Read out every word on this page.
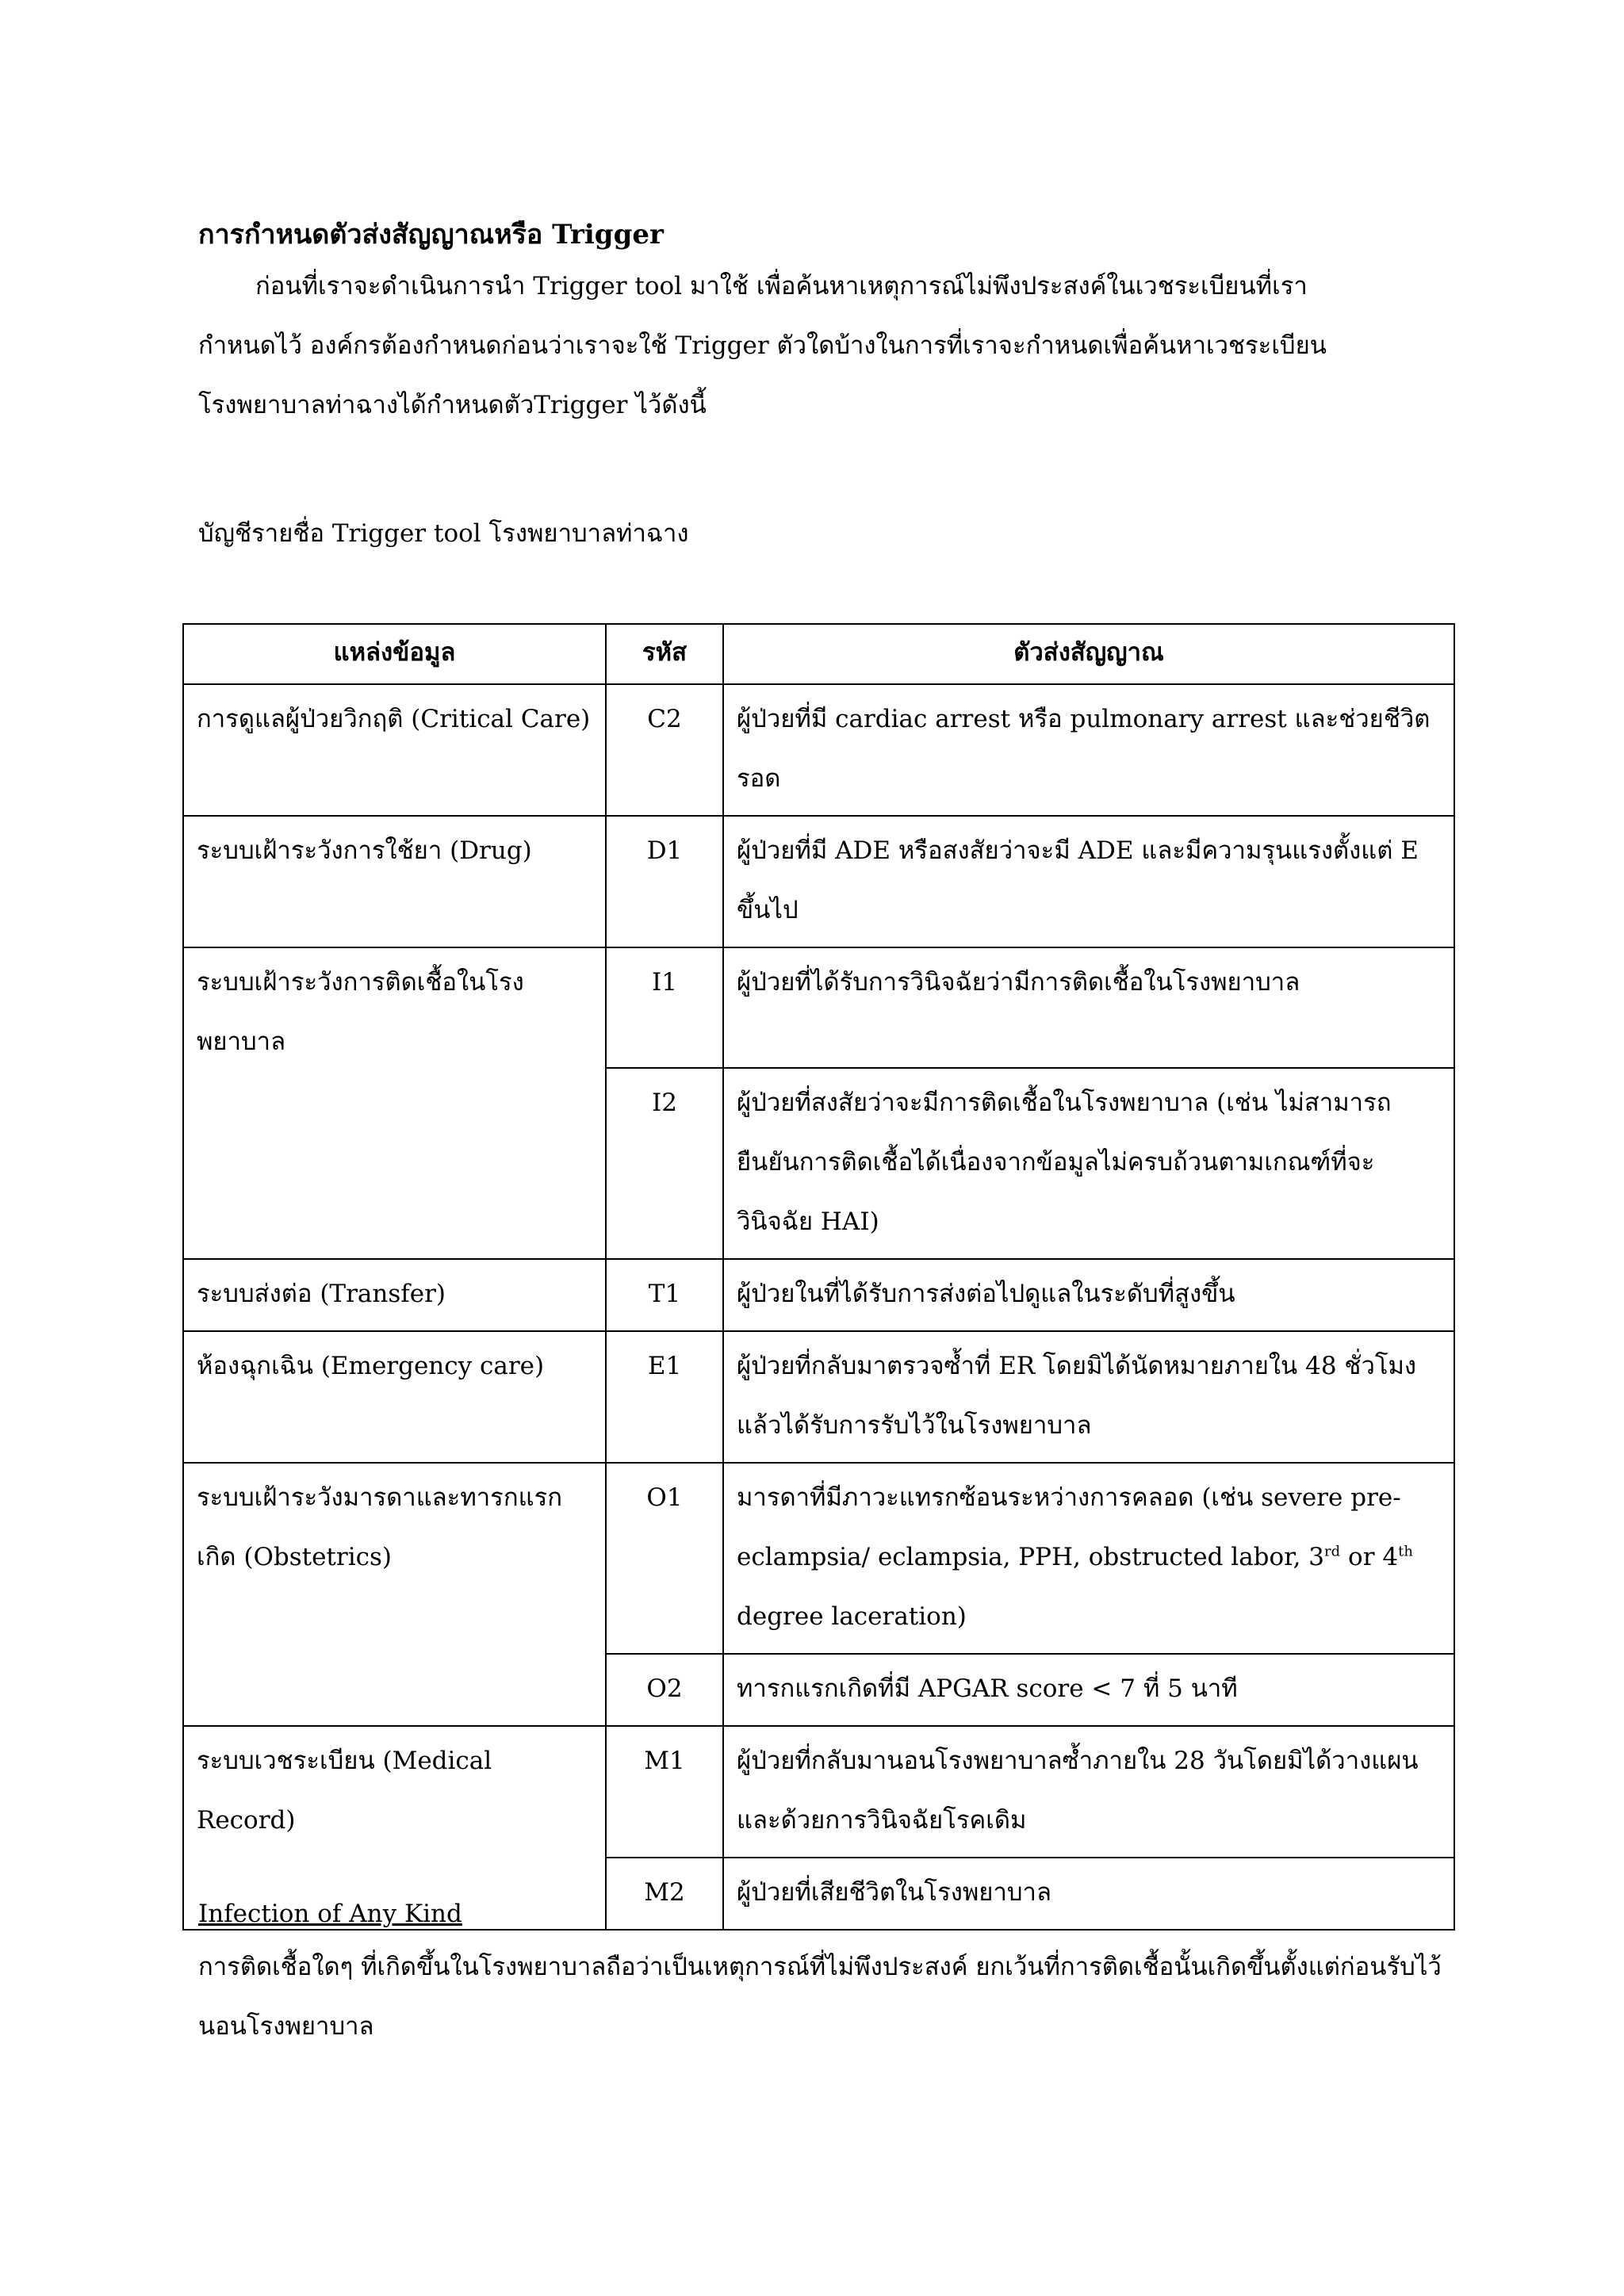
การกำหนดตัวส่งสัญญาณหรือ Trigger

ก่อนที่เราจะดำเนินการนำ Trigger tool มาใช้ เพื่อค้นหาเหตุการณ์ไม่พึงประสงค์ในเวชระเบียนที่เรา
กำหนดไว้ องค์กรต้องกำหนดก่อนว่าเราจะใช้ Trigger ตัวใดบ้างในการที่เราจะกำหนดเพื่อค้นหาเวชระเบียน
โรงพยาบาลท่าฉางได้กำหนดตัวTrigger ไว้ดังนี้

บัญชีรายชื่อ Trigger tool โรงพยาบาลท่าฉาง

แหล่งข้อมูล	รหัส	ตัวส่งสัญญาณ
การดูแลผู้ป่วยวิกฤติ (Critical Care)	C2	ผู้ป่วยที่มี cardiac arrest หรือ pulmonary arrest และช่วยชีวิตรอด
ระบบเฝ้าระวังการใช้ยา (Drug)	D1	ผู้ป่วยที่มี ADE หรือสงสัยว่าจะมี ADE และมีความรุนแรงตั้งแต่ E ขึ้นไป
ระบบเฝ้าระวังการติดเชื้อในโรงพยาบาล	I1	ผู้ป่วยที่ได้รับการวินิจฉัยว่ามีการติดเชื้อในโรงพยาบาล
	I2	ผู้ป่วยที่สงสัยว่าจะมีการติดเชื้อในโรงพยาบาล (เช่น ไม่สามารถยืนยันการติดเชื้อได้เนื่องจากข้อมูลไม่ครบถ้วนตามเกณฑ์ที่จะวินิจฉัย HAI)
ระบบส่งต่อ (Transfer)	T1	ผู้ป่วยในที่ได้รับการส่งต่อไปดูแลในระดับที่สูงขึ้น
ห้องฉุกเฉิน (Emergency care)	E1	ผู้ป่วยที่กลับมาตรวจซ้ำที่ ER โดยมิได้นัดหมายภายใน 48 ชั่วโมง แล้วได้รับการรับไว้ในโรงพยาบาล
ระบบเฝ้าระวังมารดาและทารกแรกเกิด (Obstetrics)	O1	มารดาที่มีภาวะแทรกซ้อนระหว่างการคลอด (เช่น severe pre-eclampsia/ eclampsia, PPH, obstructed labor, 3rd or 4th degree laceration)
	O2	ทารกแรกเกิดที่มี APGAR score < 7 ที่ 5 นาที
ระบบเวชระเบียน (Medical Record)	M1	ผู้ป่วยที่กลับมานอนโรงพยาบาลซ้ำภายใน 28 วันโดยมิได้วางแผน และด้วยการวินิจฉัยโรคเดิม
	M2	ผู้ป่วยที่เสียชีวิตในโรงพยาบาล

Infection of Any Kind

การติดเชื้อใดๆ ที่เกิดขึ้นในโรงพยาบาลถือว่าเป็นเหตุการณ์ที่ไม่พึงประสงค์ ยกเว้นที่การติดเชื้อนั้นเกิดขึ้นตั้งแต่ก่อนรับไว้นอนโรงพยาบาล
